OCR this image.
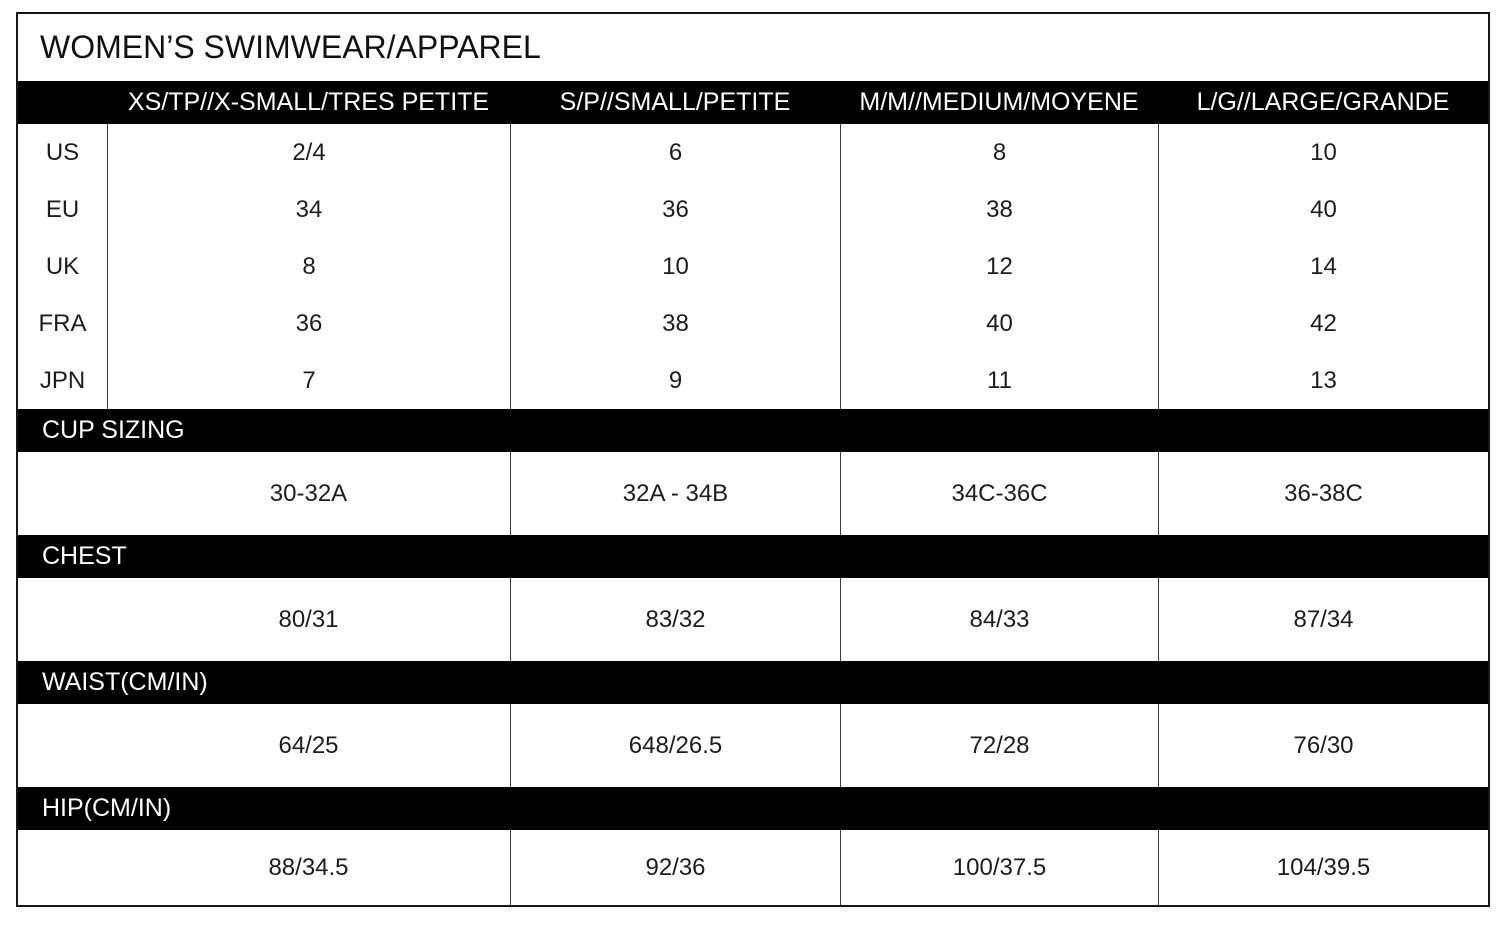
WOMEN’S SWIMWEAR/APPAREL
XS/TP//X-SMALL/TRES PETITE	S/P//SMALL/PETITE	M/M//MEDIUM/MOYENE	L/G//LARGE/GRANDE
US	2/4	6	8	10
EU	34	36	38	40
UK	8	10	12	14
FRA	36	38	40	42
JPN	7	9	11	13
CUP SIZING
30-32A	32A - 34B	34C-36C	36-38C
CHEST
80/31	83/32	84/33	87/34
WAIST(CM/IN)
64/25	648/26.5	72/28	76/30
HIP(CM/IN)
88/34.5	92/36	100/37.5	104/39.5
